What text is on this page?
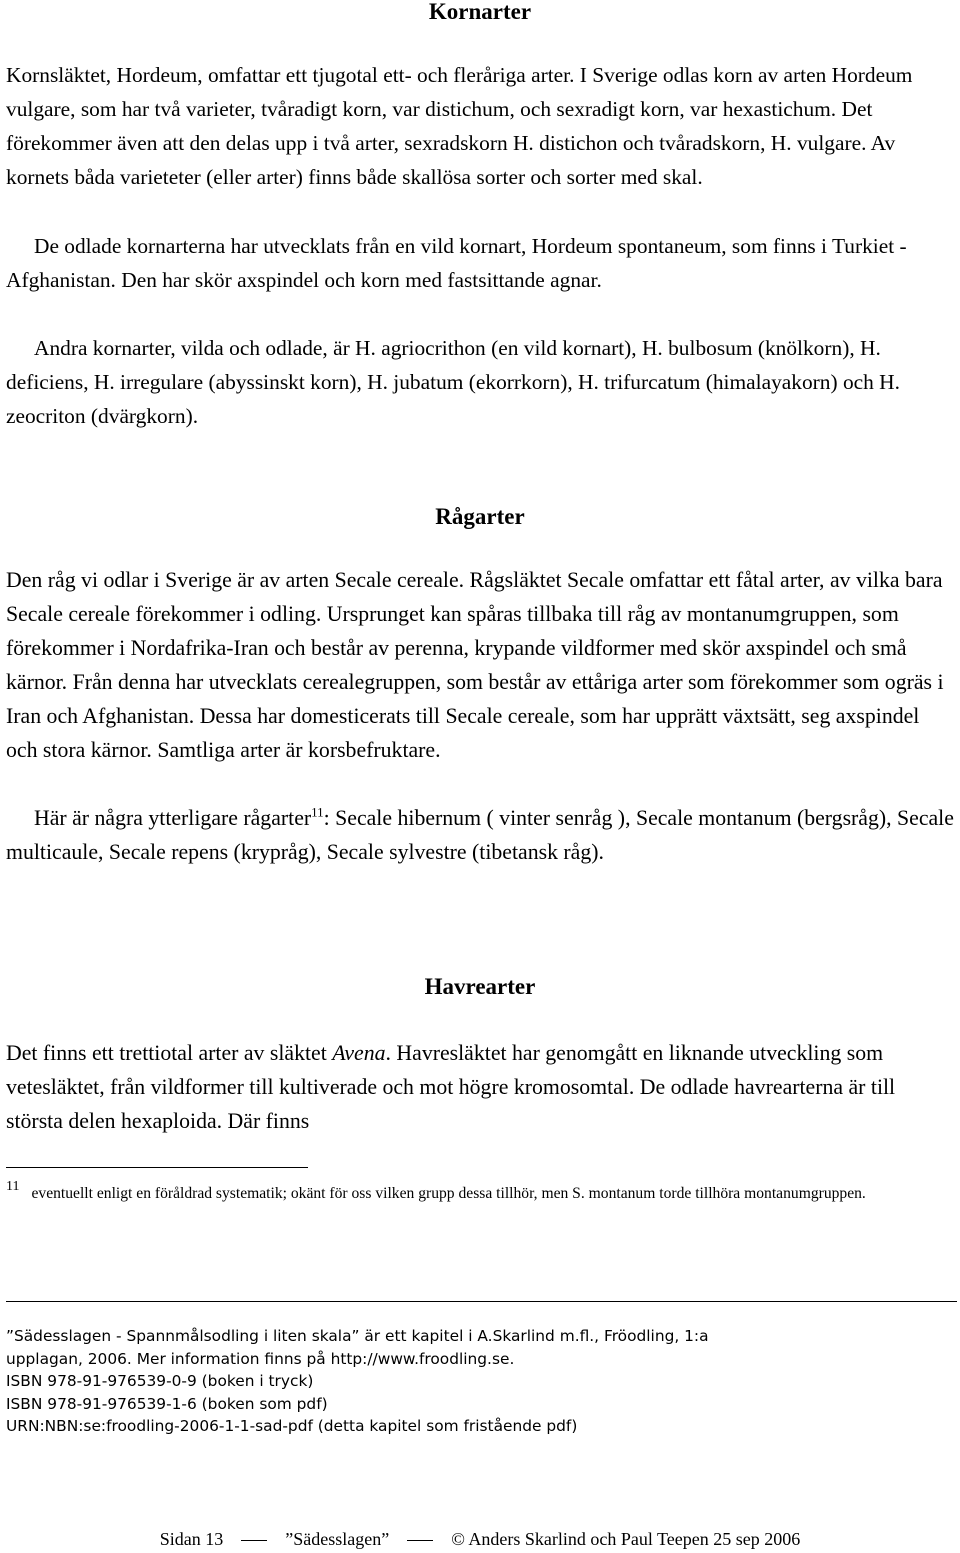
Kornarter

Kornsläktet, Hordeum, omfattar ett tjugotal ett- och fleråriga arter. I Sverige odlas korn av arten Hordeum vulgare, som har två varieter, tvåradigt korn, var distichum, och sexradigt korn, var hexastichum. Det förekommer även att den delas upp i två arter, sexradskorn H. distichon och tvåradskorn, H. vulgare. Av kornets båda varieteter (eller arter) finns både skallösa sorter och sorter med skal.

De odlade kornarterna har utvecklats från en vild kornart, Hordeum spontaneum, som finns i Turkiet - Afghanistan. Den har skör axspindel och korn med fastsittande agnar.

Andra kornarter, vilda och odlade, är H. agriocrithon (en vild kornart), H. bulbosum (knölkorn), H. deficiens, H. irregulare (abyssinskt korn), H. jubatum (ekorrkorn), H. trifurcatum (himalayakorn) och H. zeocriton (dvärgkorn).

Rågarter

Den råg vi odlar i Sverige är av arten Secale cereale. Rågsläktet Secale omfattar ett fåtal arter, av vilka bara Secale cereale förekommer i odling. Ursprunget kan spåras tillbaka till råg av montanumgruppen, som förekommer i Nordafrika-Iran och består av perenna, krypande vildformer med skör axspindel och små kärnor. Från denna har utvecklats cerealegruppen, som består av ettåriga arter som förekommer som ogräs i Iran och Afghanistan. Dessa har domesticerats till Secale cereale, som har upprätt växtsätt, seg axspindel och stora kärnor. Samtliga arter är korsbefruktare.

Här är några ytterligare rågarter$^{11}$: Secale hibernum ( vinter senråg ), Secale montanum (bergsråg), Secale multicaule, Secale repens (krypråg), Secale sylvestre (tibetansk råg).

Havrearter

Det finns ett trettiotal arter av släktet Avena. Havresläktet har genomgått en liknande utveckling som vetesläktet, från vildformer till kultiverade och mot högre kromosomtal. De odlade havrearterna är till största delen hexaploida. Där finns

11 eventuellt enligt en föråldrad systematik; okänt för oss vilken grupp dessa tillhör, men S. montanum torde tillhöra montanumgruppen.

”Sädesslagen - Spannmålsodling i liten skala” är ett kapitel i A.Skarlind m.fl., Fröodling, 1:a
upplagan, 2006. Mer information finns på http://www.froodling.se.
ISBN 978-91-976539-0-9 (boken i tryck)
ISBN 978-91-976539-1-6 (boken som pdf)
URN:NBN:se:froodling-2006-1-1-sad-pdf (detta kapitel som fristående pdf)
Sidan 13	”Sädesslagen”	© Anders Skarlind och Paul Teepen 25 sep 2006
